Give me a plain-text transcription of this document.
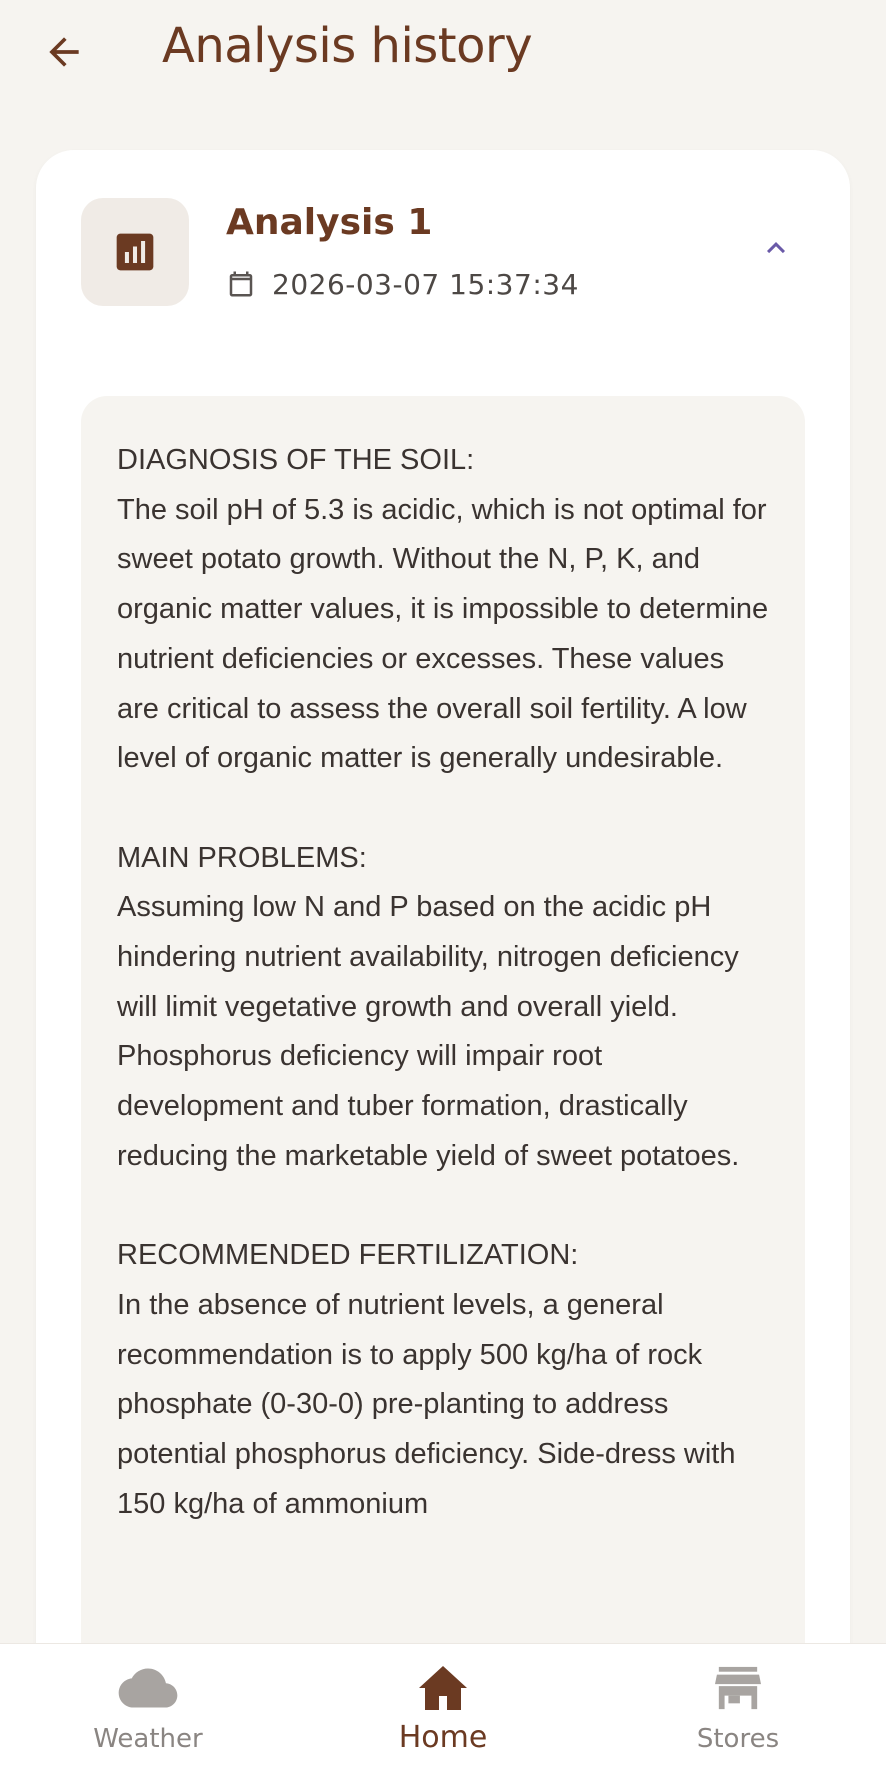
Analysis history
Analysis 1
2026-03-07 15:37:34
DIAGNOSIS OF THE SOIL:
The soil pH of 5.3 is acidic, which is not optimal for sweet potato growth. Without the N, P, K, and organic matter values, it is impossible to determine nutrient deficiencies or excesses. These values are critical to assess the overall soil fertility. A low level of organic matter is generally undesirable.

MAIN PROBLEMS:
Assuming low N and P based on the acidic pH hindering nutrient availability, nitrogen deficiency will limit vegetative growth and overall yield. Phosphorus deficiency will impair root development and tuber formation, drastically reducing the marketable yield of sweet potatoes.

RECOMMENDED FERTILIZATION:
In the absence of nutrient levels, a general recommendation is to apply 500 kg/ha of rock phosphate (0-30-0) pre-planting to address potential phosphorus deficiency. Side-dress with 150 kg/ha of ammonium
Weather	Home	Stores
